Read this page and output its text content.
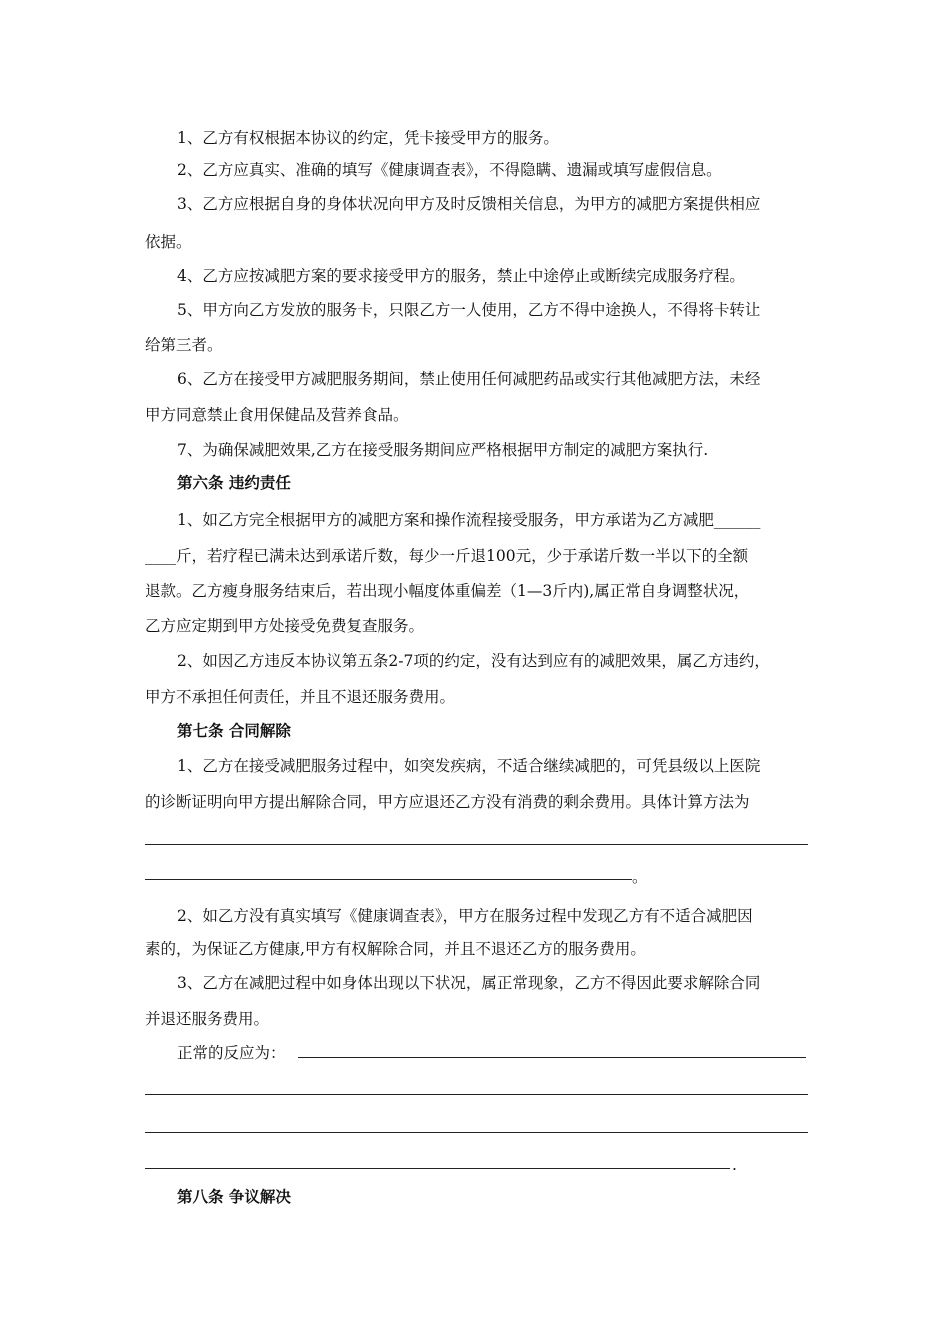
1、乙方有权根据本协议的约定，凭卡接受甲方的服务。
2、乙方应真实、准确的填写《健康调查表》，不得隐瞒、遗漏或填写虚假信息。
3、乙方应根据自身的身体状况向甲方及时反馈相关信息，为甲方的减肥方案提供相应
依据。
4、乙方应按减肥方案的要求接受甲方的服务，禁止中途停止或断续完成服务疗程。
5、甲方向乙方发放的服务卡，只限乙方一人使用，乙方不得中途换人，不得将卡转让
给第三者。
6、乙方在接受甲方减肥服务期间，禁止使用任何减肥药品或实行其他减肥方法，未经
甲方同意禁止食用保健品及营养食品。
7、为确保减肥效果,乙方在接受服务期间应严格根据甲方制定的减肥方案执行.
第六条 违约责任
1、如乙方完全根据甲方的减肥方案和操作流程接受服务，甲方承诺为乙方减肥______
____斤，若疗程已满未达到承诺斤数，每少一斤退100元，少于承诺斤数一半以下的全额
退款。乙方瘦身服务结束后，若出现小幅度体重偏差（1—3斤内),属正常自身调整状况，
乙方应定期到甲方处接受免费复查服务。
2、如因乙方违反本协议第五条2-7项的约定，没有达到应有的减肥效果，属乙方违约，
甲方不承担任何责任，并且不退还服务费用。
第七条 合同解除
1、乙方在接受减肥服务过程中，如突发疾病，不适合继续减肥的，可凭县级以上医院
的诊断证明向甲方提出解除合同，甲方应退还乙方没有消费的剩余费用。具体计算方法为
。
2、如乙方没有真实填写《健康调查表》，甲方在服务过程中发现乙方有不适合减肥因
素的，为保证乙方健康,甲方有权解除合同，并且不退还乙方的服务费用。
3、乙方在减肥过程中如身体出现以下状况，属正常现象，乙方不得因此要求解除合同
并退还服务费用。
正常的反应为：
.
第八条 争议解决
